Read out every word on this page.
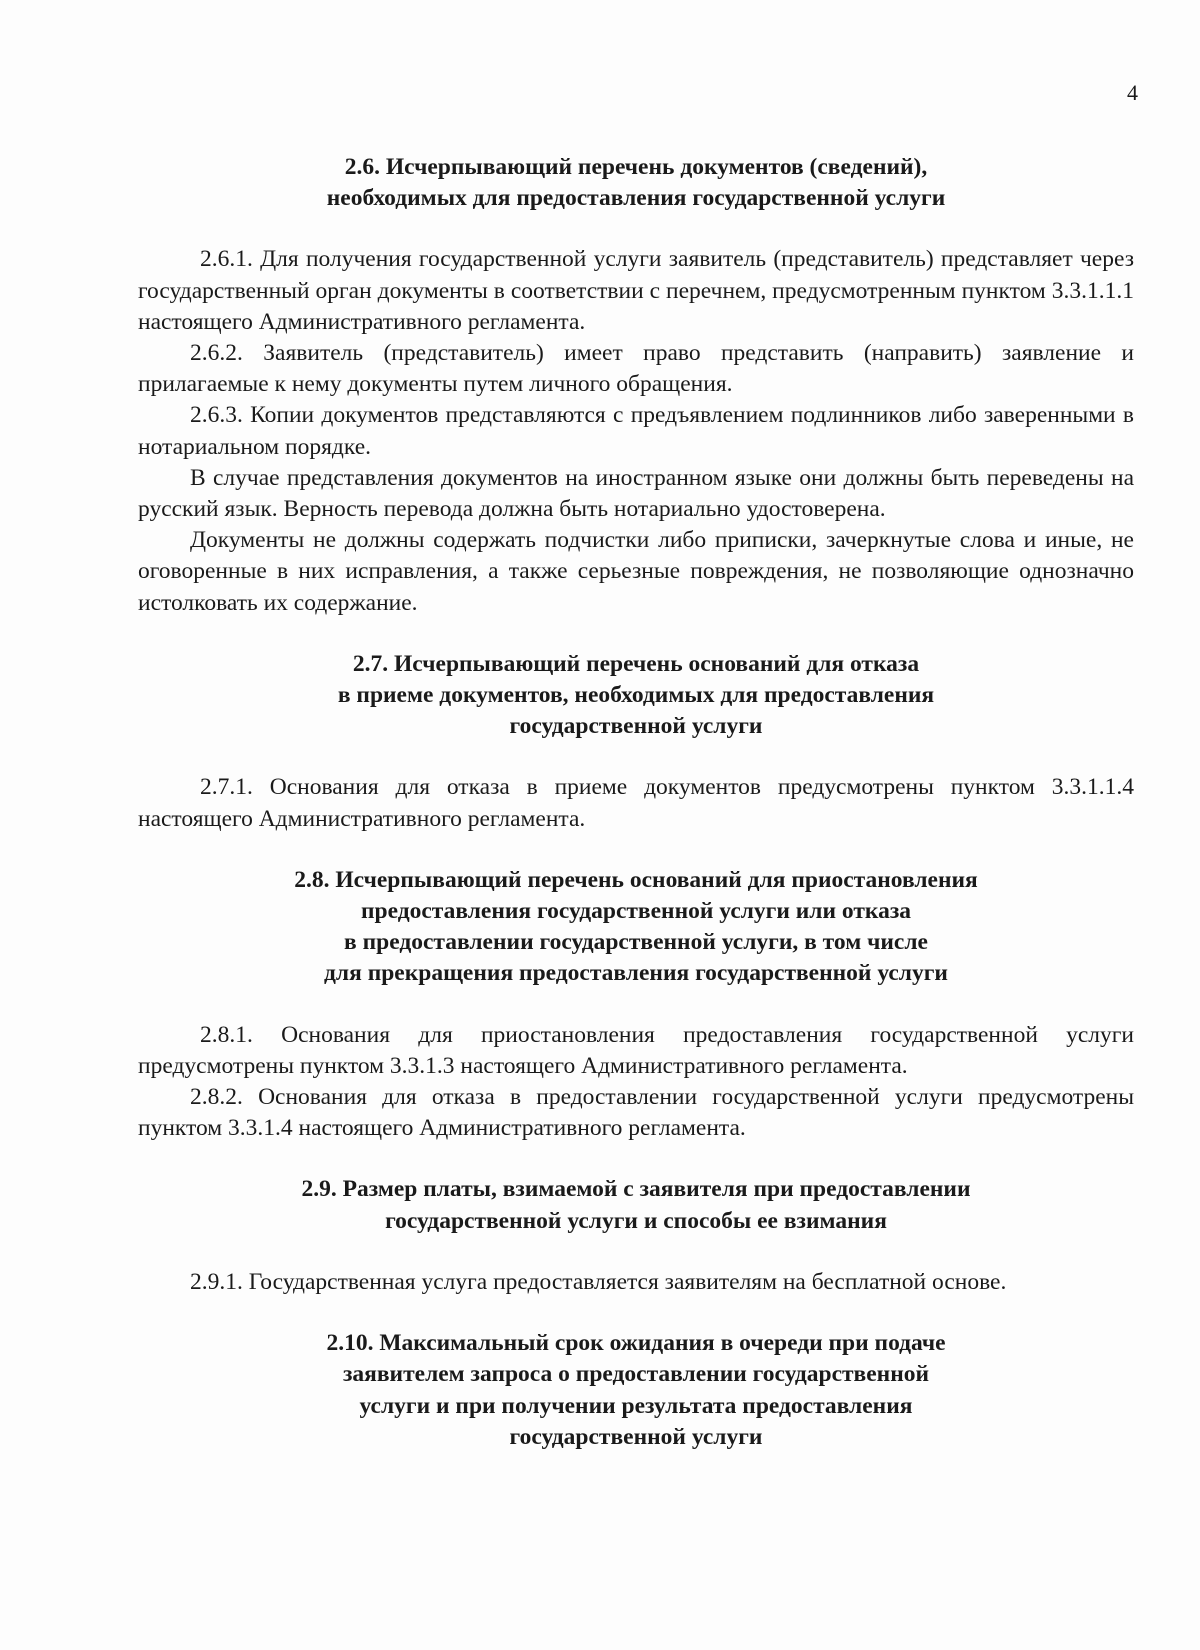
4
2.6. Исчерпывающий перечень документов (сведений),
необходимых для предоставления государственной услуги

2.6.1. Для получения государственной услуги заявитель (представитель) представляет через государственный орган документы в соответствии с перечнем, предусмотренным пунктом 3.3.1.1.1 настоящего Административного регламента.

2.6.2. Заявитель (представитель) имеет право представить (направить) заявление и прилагаемые к нему документы путем личного обращения.

2.6.3. Копии документов представляются с предъявлением подлинников либо заверенными в нотариальном порядке.

В случае представления документов на иностранном языке они должны быть переведены на русский язык. Верность перевода должна быть нотариально удостоверена.

Документы не должны содержать подчистки либо приписки, зачеркнутые слова и иные, не оговоренные в них исправления, а также серьезные повреждения, не позволяющие однозначно истолковать их содержание.

2.7. Исчерпывающий перечень оснований для отказа
в приеме документов, необходимых для предоставления
государственной услуги

2.7.1. Основания для отказа в приеме документов предусмотрены пунктом 3.3.1.1.4 настоящего Административного регламента.

2.8. Исчерпывающий перечень оснований для приостановления
предоставления государственной услуги или отказа
в предоставлении государственной услуги, в том числе
для прекращения предоставления государственной услуги

2.8.1. Основания для приостановления предоставления государственной услуги предусмотрены пунктом 3.3.1.3 настоящего Административного регламента.

2.8.2. Основания для отказа в предоставлении государственной услуги предусмотрены пунктом 3.3.1.4 настоящего Административного регламента.

2.9. Размер платы, взимаемой с заявителя при предоставлении
государственной услуги и способы ее взимания

2.9.1. Государственная услуга предоставляется заявителям на бесплатной основе.

2.10. Максимальный срок ожидания в очереди при подаче
заявителем запроса о предоставлении государственной
услуги и при получении результата предоставления
государственной услуги
